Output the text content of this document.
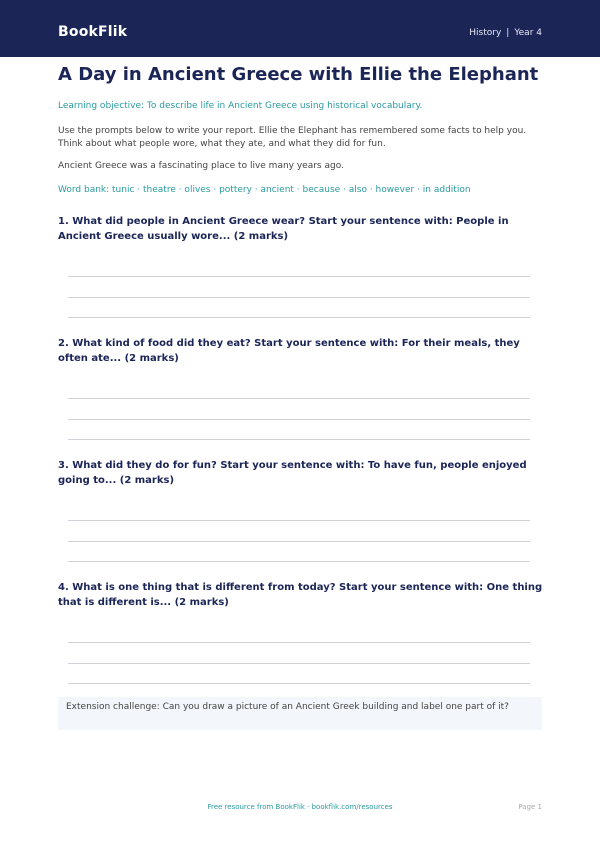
BookFlik	History | Year 4
A Day in Ancient Greece with Ellie the Elephant
Learning objective: To describe life in Ancient Greece using historical vocabulary.
Use the prompts below to write your report. Ellie the Elephant has remembered some facts to help you. Think about what people wore, what they ate, and what they did for fun.
Ancient Greece was a fascinating place to live many years ago.
Word bank: tunic · theatre · olives · pottery · ancient · because · also · however · in addition
1. What did people in Ancient Greece wear? Start your sentence with: People in Ancient Greece usually wore... (2 marks)
2. What kind of food did they eat? Start your sentence with: For their meals, they often ate... (2 marks)
3. What did they do for fun? Start your sentence with: To have fun, people enjoyed going to... (2 marks)
4. What is one thing that is different from today? Start your sentence with: One thing that is different is... (2 marks)
Extension challenge: Can you draw a picture of an Ancient Greek building and label one part of it?
Free resource from BookFlik · bookflik.com/resources	Page 1
